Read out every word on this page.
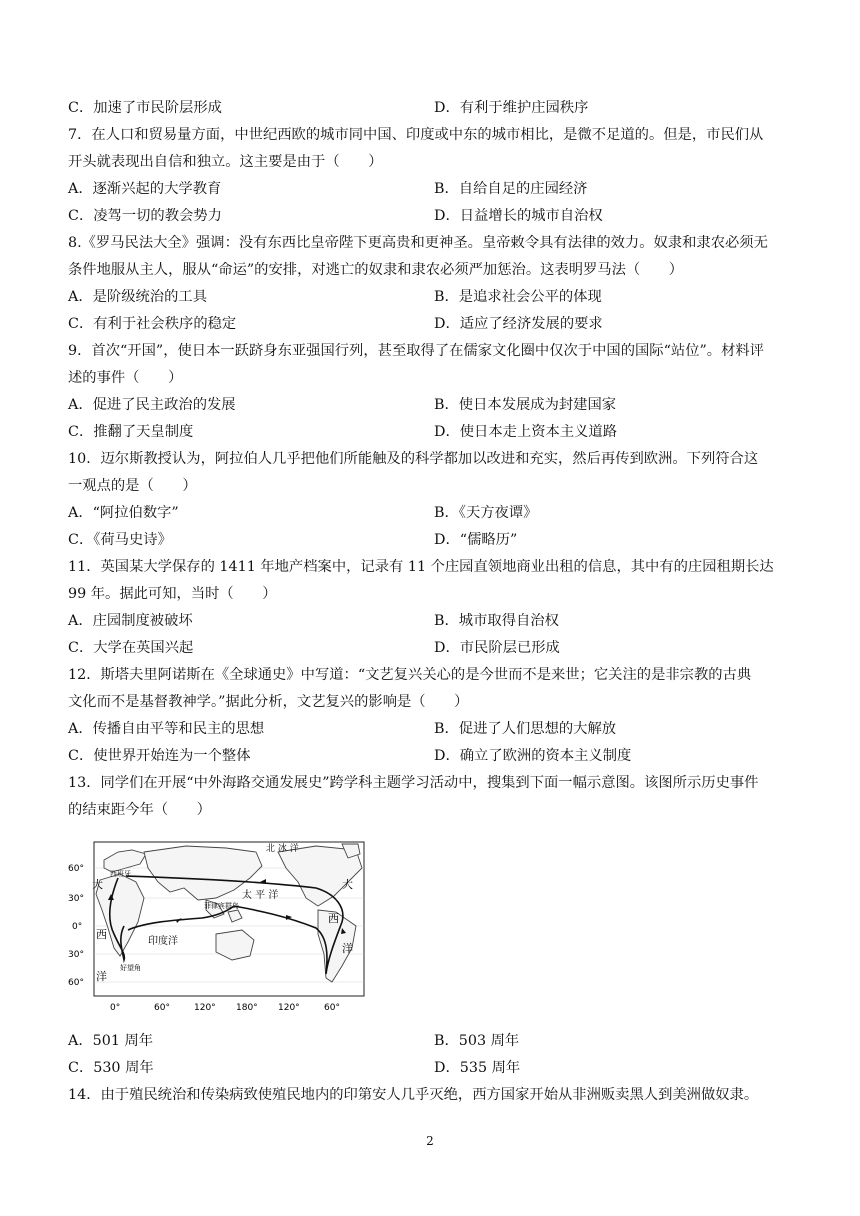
C．加速了市民阶层形成	D．有利于维护庄园秩序
7．在人口和贸易量方面，中世纪西欧的城市同中国、印度或中东的城市相比，是微不足道的。但是，市民们从
开头就表现出自信和独立。这主要是由于（　　）
A．逐渐兴起的大学教育	B．自给自足的庄园经济
C．凌驾一切的教会势力	D．日益增长的城市自治权
8.《罗马民法大全》强调：没有东西比皇帝陛下更高贵和更神圣。皇帝敕令具有法律的效力。奴隶和隶农必须无
条件地服从主人，服从“命运”的安排，对逃亡的奴隶和隶农必须严加惩治。这表明罗马法（　　）
A．是阶级统治的工具	B．是追求社会公平的体现
C．有利于社会秩序的稳定	D．适应了经济发展的要求
9．首次“开国”，使日本一跃跻身东亚强国行列，甚至取得了在儒家文化圈中仅次于中国的国际“站位”。材料评
述的事件（　　）
A．促进了民主政治的发展	B．使日本发展成为封建国家
C．推翻了天皇制度	D．使日本走上资本主义道路
10．迈尔斯教授认为，阿拉伯人几乎把他们所能触及的科学都加以改进和充实，然后再传到欧洲。下列符合这
一观点的是（　　）
A．“阿拉伯数字”	B．《天方夜谭》
C．《荷马史诗》	D．“儒略历”
11．英国某大学保存的 1411 年地产档案中，记录有 11 个庄园直领地商业出租的信息，其中有的庄园租期长达
99 年。据此可知，当时（　　）
A．庄园制度被破坏	B．城市取得自治权
C．大学在英国兴起	D．市民阶层已形成
12．斯塔夫里阿诺斯在《全球通史》中写道：“文艺复兴关心的是今世而不是来世；它关注的是非宗教的古典
文化而不是基督教神学。”据此分析，文艺复兴的影响是（　　）
A．传播自由平等和民主的思想	B．促进了人们思想的大解放
C．使世界开始连为一个整体	D．确立了欧洲的资本主义制度
13．同学们在开展“中外海路交通发展史”跨学科主题学习活动中，搜集到下面一幅示意图。该图所示历史事件
的结束距今年（　　）
60°
30°
0°
30°
60°
0°	60°	120° 180° 120°	60°
大
西
洋
大
西
洋
太 平 洋
北 冰 洋
印度洋
菲律宾群岛
西班牙
好望角
A．501 周年	B．503 周年
C．530 周年	D．535 周年
14．由于殖民统治和传染病致使殖民地内的印第安人几乎灭绝，西方国家开始从非洲贩卖黑人到美洲做奴隶。
2
